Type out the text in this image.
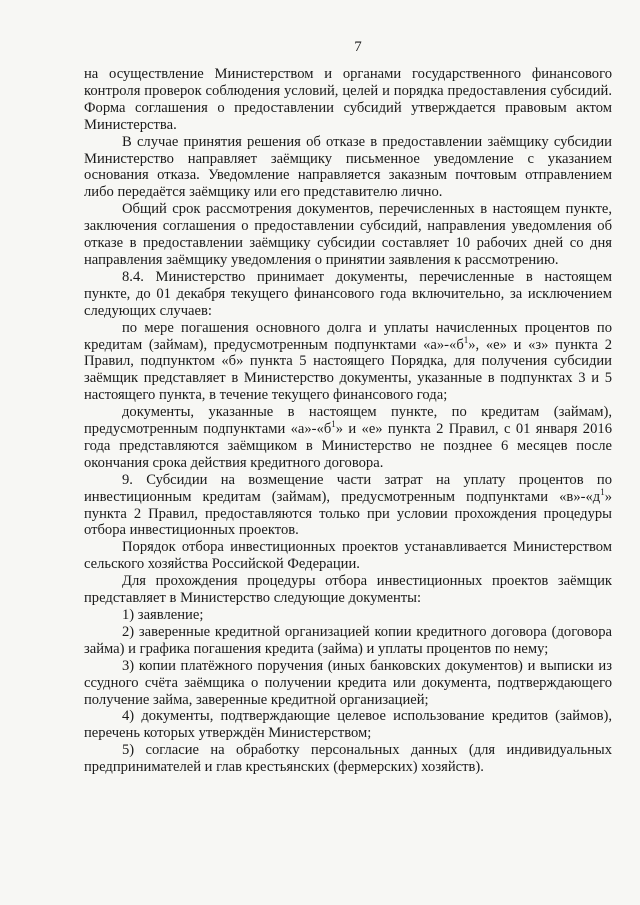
7

на осуществление Министерством и органами государственного финансового контроля проверок соблюдения условий, целей и порядка предоставления субсидий. Форма соглашения о предоставлении субсидий утверждается правовым актом Министерства.

В случае принятия решения об отказе в предоставлении заёмщику субсидии Министерство направляет заёмщику письменное уведомление с указанием основания отказа. Уведомление направляется заказным почтовым отправлением либо передаётся заёмщику или его представителю лично.

Общий срок рассмотрения документов, перечисленных в настоящем пункте, заключения соглашения о предоставлении субсидий, направления уведомления об отказе в предоставлении заёмщику субсидии составляет 10 рабочих дней со дня направления заёмщику уведомления о принятии заявления к рассмотрению.

8.4. Министерство принимает документы, перечисленные в настоящем пункте, до 01 декабря текущего финансового года включительно, за исключением следующих случаев:

по мере погашения основного долга и уплаты начисленных процентов по кредитам (займам), предусмотренным подпунктами «$а»-«б^1$», «е» и «з» пункта 2 Правил, подпунктом «б» пункта 5 настоящего Порядка, для получения субсидии заёмщик представляет в Министерство документы, указанные в подпунктах 3 и 5 настоящего пункта, в течение текущего финансового года;

документы, указанные в настоящем пункте, по кредитам (займам), предусмотренным подпунктами «$а»-«б^1$» и «е» пункта 2 Правил, с 01 января 2016 года представляются заёмщиком в Министерство не позднее 6 месяцев после окончания срока действия кредитного договора.

9. Субсидии на возмещение части затрат на уплату процентов по инвестиционным кредитам (займам), предусмотренным подпунктами «$в»-«д^1$» пункта 2 Правил, предоставляются только при условии прохождения процедуры отбора инвестиционных проектов.

Порядок отбора инвестиционных проектов устанавливается Министерством сельского хозяйства Российской Федерации.

Для прохождения процедуры отбора инвестиционных проектов заёмщик представляет в Министерство следующие документы:

1) заявление;

2) заверенные кредитной организацией копии кредитного договора (договора займа) и графика погашения кредита (займа) и уплаты процентов по нему;

3) копии платёжного поручения (иных банковских документов) и выписки из ссудного счёта заёмщика о получении кредита или документа, подтверждающего получение займа, заверенные кредитной организацией;

4) документы, подтверждающие целевое использование кредитов (займов), перечень которых утверждён Министерством;

5) согласие на обработку персональных данных (для индивидуальных предпринимателей и глав крестьянских (фермерских) хозяйств).
